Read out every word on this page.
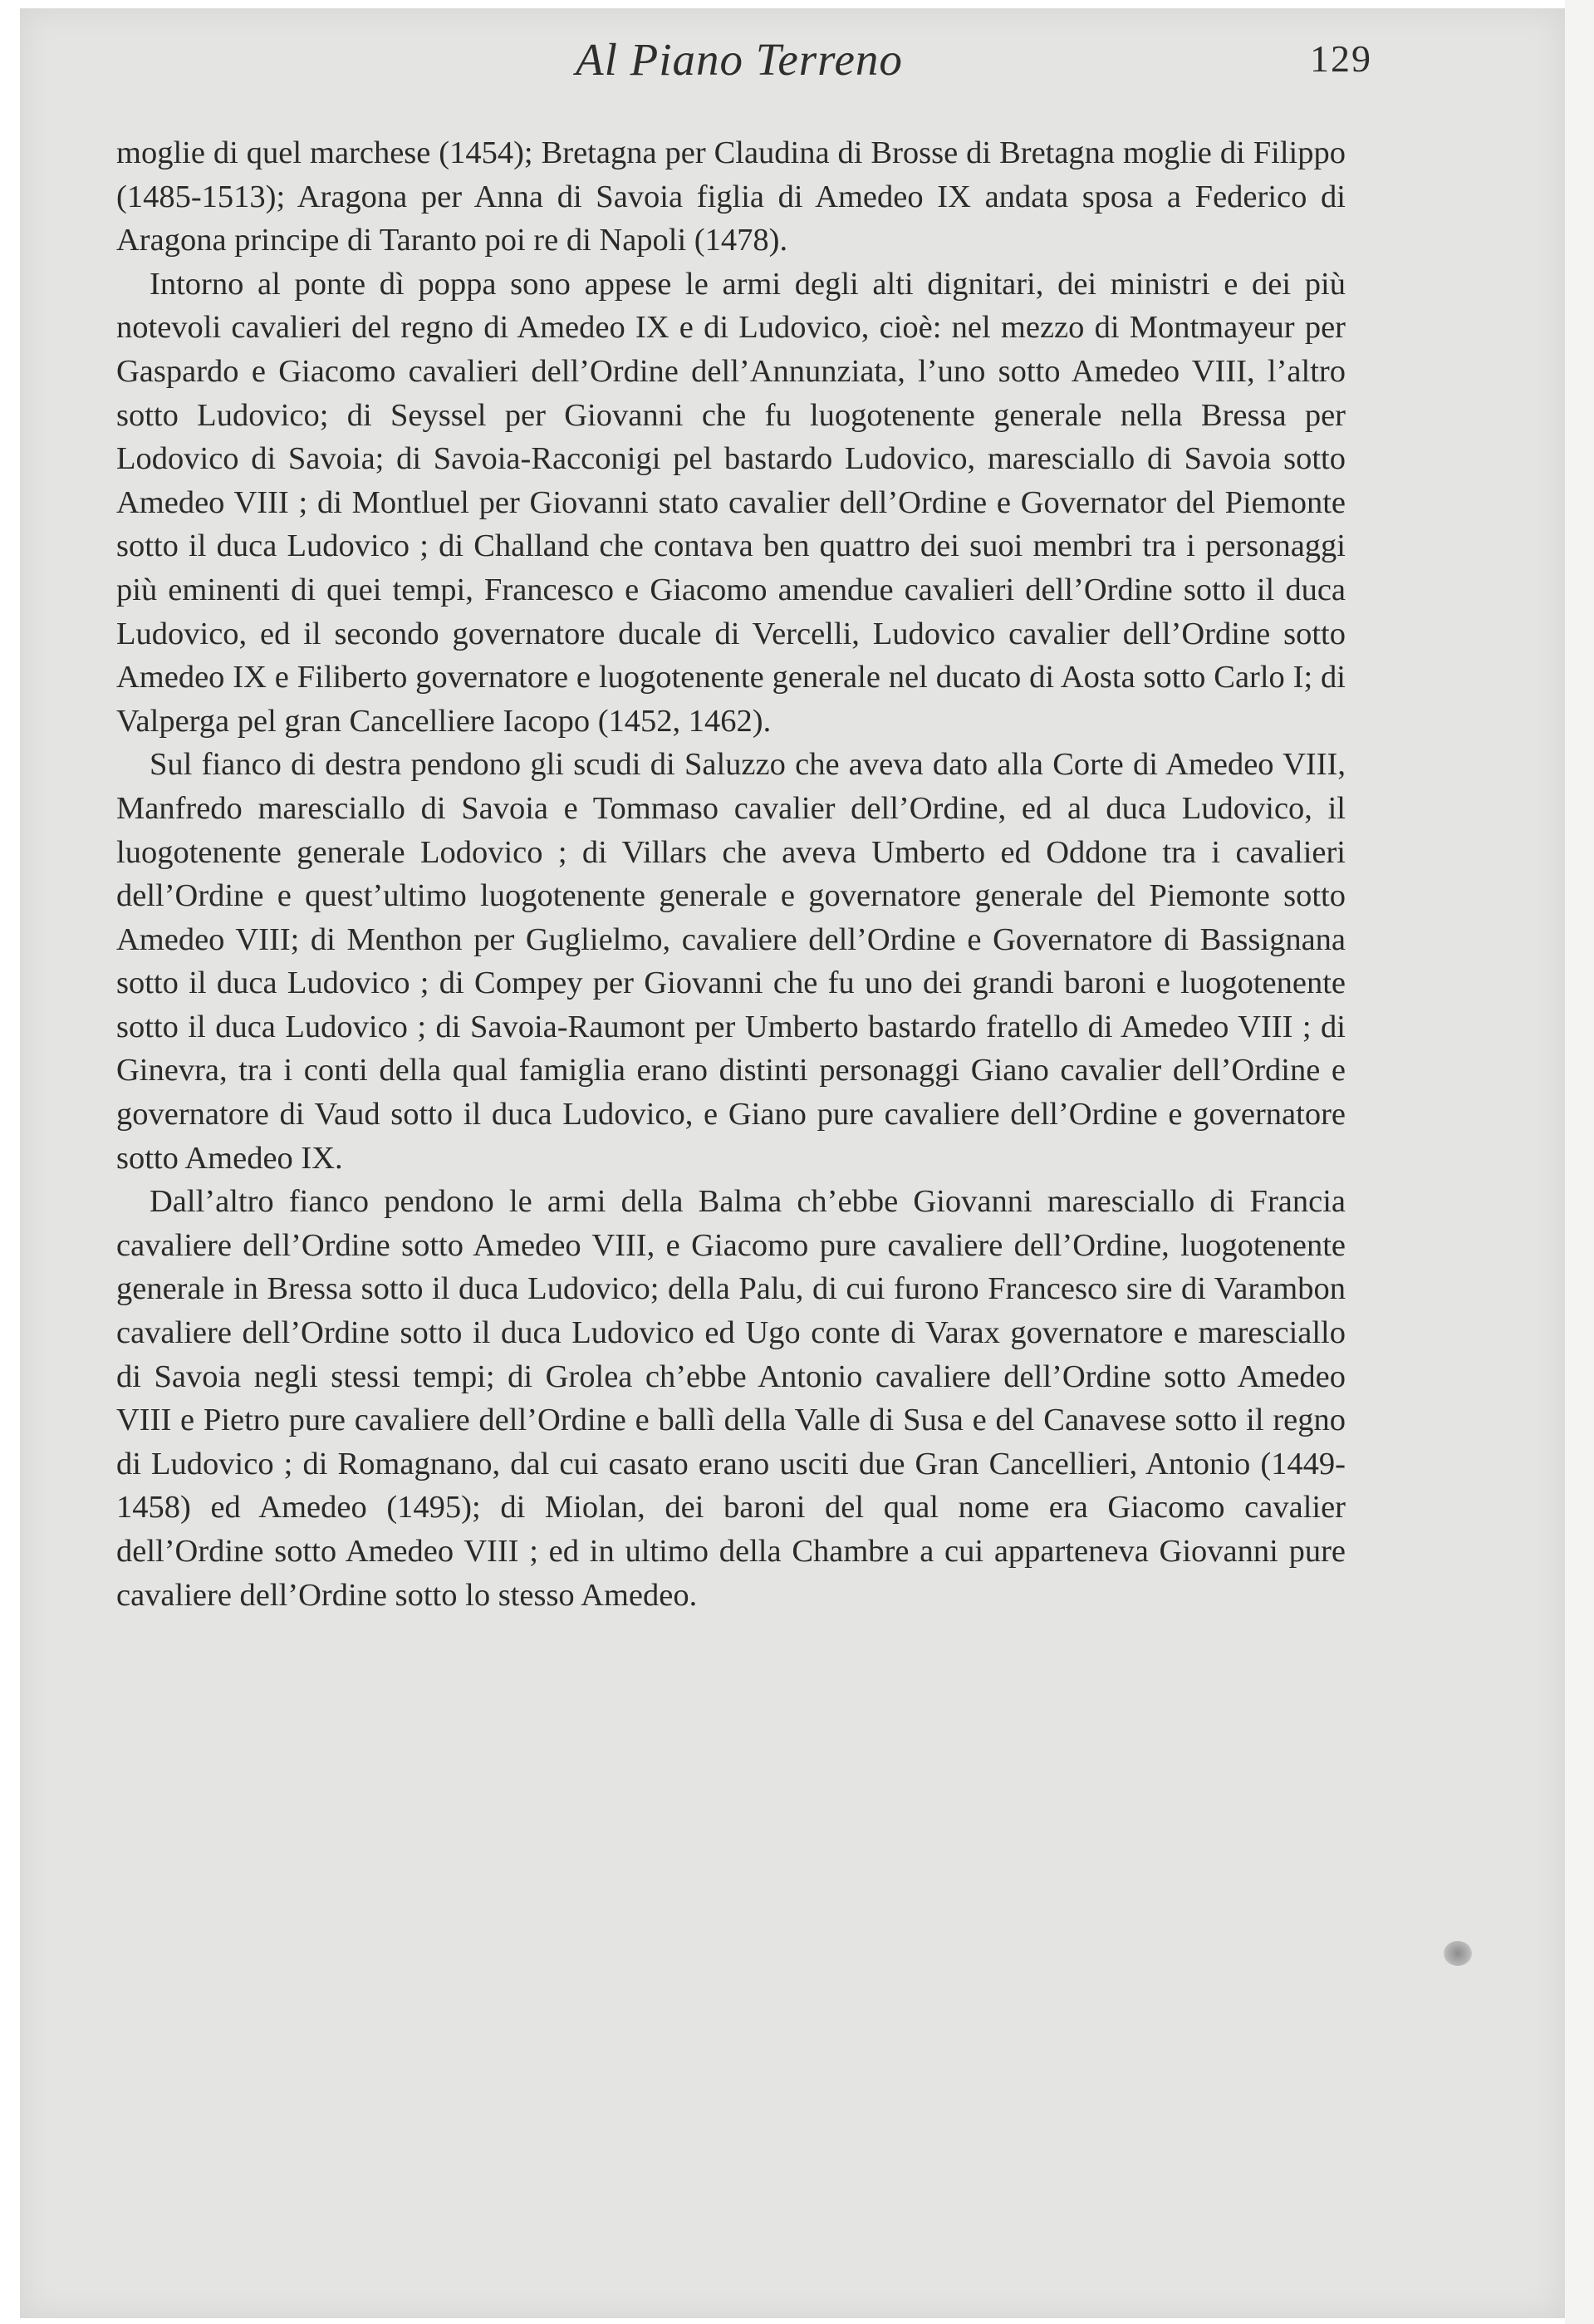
Al Piano Terreno	129

moglie di quel marchese (1454); Bretagna per Claudina di Brosse di Bretagna moglie di Filippo (1485-1513); Aragona per Anna di Savoia figlia di Amedeo IX andata sposa a Federico di Aragona principe di Taranto poi re di Napoli (1478).

Intorno al ponte dì poppa sono appese le armi degli alti dignitari, dei ministri e dei più notevoli cavalieri del regno di Amedeo IX e di Ludovico, cioè: nel mezzo di Montmayeur per Gaspardo e Giacomo cavalieri dell’Ordine dell’Annunziata, l’uno sotto Amedeo VIII, l’altro sotto Ludovico; di Seyssel per Giovanni che fu luogotenente generale nella Bressa per Lodovico di Savoia; di Savoia-Racconigi pel bastardo Ludovico, maresciallo di Savoia sotto Amedeo VIII ; di Montluel per Giovanni stato cavalier dell’Ordine e Governator del Piemonte sotto il duca Ludovico ; di Challand che contava ben quattro dei suoi membri tra i personaggi più eminenti di quei tempi, Francesco e Giacomo amendue cavalieri dell’Ordine sotto il duca Ludovico, ed il secondo governatore ducale di Vercelli, Ludovico cavalier dell’Ordine sotto Amedeo IX e Filiberto governatore e luogotenente generale nel ducato di Aosta sotto Carlo I; di Valperga pel gran Cancelliere Iacopo (1452, 1462).

Sul fianco di destra pendono gli scudi di Saluzzo che aveva dato alla Corte di Amedeo VIII, Manfredo maresciallo di Savoia e Tommaso cavalier dell’Ordine, ed al duca Ludovico, il luogotenente generale Lodovico ; di Villars che aveva Umberto ed Oddone tra i cavalieri dell’Ordine e quest’ultimo luogotenente generale e governatore generale del Piemonte sotto Amedeo VIII; di Menthon per Guglielmo, cavaliere dell’Ordine e Governatore di Bassignana sotto il duca Ludovico ; di Compey per Giovanni che fu uno dei grandi baroni e luogotenente sotto il duca Ludovico ; di Savoia-Raumont per Umberto bastardo fratello di Amedeo VIII ; di Ginevra, tra i conti della qual famiglia erano distinti personaggi Giano cavalier dell’Ordine e governatore di Vaud sotto il duca Ludovico, e Giano pure cavaliere dell’Ordine e governatore sotto Amedeo IX.

Dall’altro fianco pendono le armi della Balma ch’ebbe Giovanni maresciallo di Francia cavaliere dell’Ordine sotto Amedeo VIII, e Giacomo pure cavaliere dell’Ordine, luogotenente generale in Bressa sotto il duca Ludovico; della Palu, di cui furono Francesco sire di Varambon cavaliere dell’Ordine sotto il duca Ludovico ed Ugo conte di Varax governatore e maresciallo di Savoia negli stessi tempi; di Grolea ch’ebbe Antonio cavaliere dell’Ordine sotto Amedeo VIII e Pietro pure cavaliere dell’Ordine e ballì della Valle di Susa e del Canavese sotto il regno di Ludovico ; di Romagnano, dal cui casato erano usciti due Gran Cancellieri, Antonio (1449-1458) ed Amedeo (1495); di Miolan, dei baroni del qual nome era Giacomo cavalier dell’Ordine sotto Amedeo VIII ; ed in ultimo della Chambre a cui apparteneva Giovanni pure cavaliere dell’Ordine sotto lo stesso Amedeo.
